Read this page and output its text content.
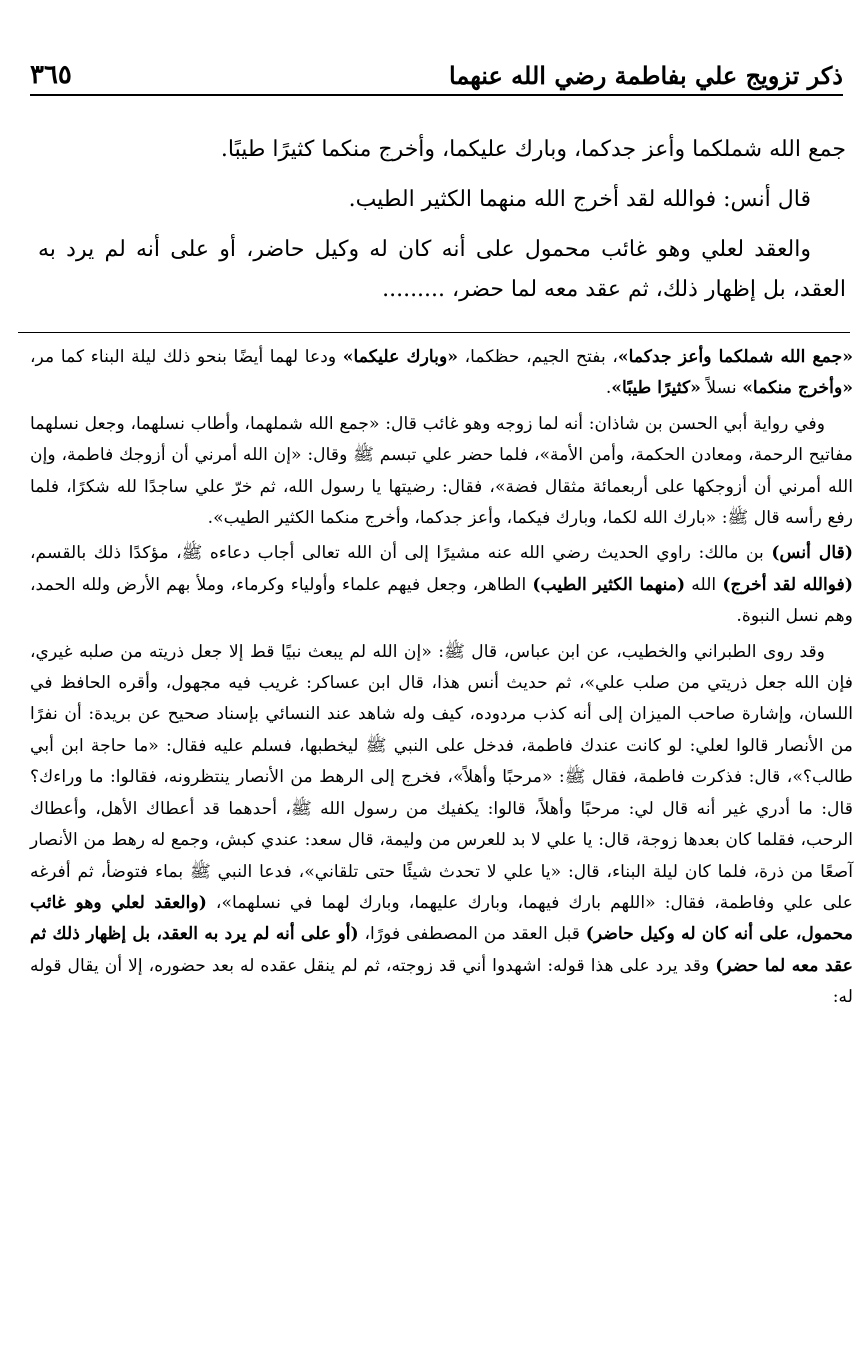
ذكر تزويج علي بفاطمة رضي الله عنهما
٣٦٥

جمع الله شملكما وأعز جدكما، وبارك عليكما، وأخرج منكما كثيرًا طيبًا.

قال أنس: فوالله لقد أخرج الله منهما الكثير الطيب.

والعقد لعلي وهو غائب محمول على أنه كان له وكيل حاضر، أو على أنه لم يرد به العقد، بل إظهار ذلك، ثم عقد معه لما حضر، .........

«جمع الله شملكما وأعز جدكما»، بفتح الجيم، حظكما، «وبارك عليكما» ودعا لهما أيضًا بنحو ذلك ليلة البناء كما مر، «وأخرج منكما» نسلاً «كثيرًا طيبًا».

وفي رواية أبي الحسن بن شاذان: أنه لما زوجه وهو غائب قال: «جمع الله شملهما، وأطاب نسلهما، وجعل نسلهما مفاتيح الرحمة، ومعادن الحكمة، وأمن الأمة»، فلما حضر علي تبسم ﷺ وقال: «إن الله أمرني أن أزوجك فاطمة، وإن الله أمرني أن أزوجكها على أربعمائة مثقال فضة»، فقال: رضيتها يا رسول الله، ثم خرّ علي ساجدًا لله شكرًا، فلما رفع رأسه قال ﷺ: «بارك الله لكما، وبارك فيكما، وأعز جدكما، وأخرج منكما الكثير الطيب».

(قال أنس) بن مالك: راوي الحديث رضي الله عنه مشيرًا إلى أن الله تعالى أجاب دعاءه ﷺ، مؤكدًا ذلك بالقسم، (فوالله لقد أخرج) الله (منهما الكثير الطيب) الطاهر، وجعل فيهم علماء وأولياء وكرماء، وملأ بهم الأرض ولله الحمد، وهم نسل النبوة.

وقد روى الطبراني والخطيب، عن ابن عباس، قال ﷺ: «إن الله لم يبعث نبيًا قط إلا جعل ذريته من صلبه غيري، فإن الله جعل ذريتي من صلب علي»، ثم حديث أنس هذا، قال ابن عساكر: غريب فيه مجهول، وأقره الحافظ في اللسان، وإشارة صاحب الميزان إلى أنه كذب مردوده، كيف وله شاهد عند النسائي بإسناد صحيح عن بريدة: أن نفرًا من الأنصار قالوا لعلي: لو كانت عندك فاطمة، فدخل على النبي ﷺ ليخطبها، فسلم عليه فقال: «ما حاجة ابن أبي طالب؟»، قال: فذكرت فاطمة، فقال ﷺ: «مرحبًا وأهلاً»، فخرج إلى الرهط من الأنصار ينتظرونه، فقالوا: ما وراءك؟ قال: ما أدري غير أنه قال لي: مرحبًا وأهلاً، قالوا: يكفيك من رسول الله ﷺ، أحدهما قد أعطاك الأهل، وأعطاك الرحب، فقلما كان بعدها زوجة، قال: يا علي لا بد للعرس من وليمة، قال سعد: عندي كبش، وجمع له رهط من الأنصار آصعًا من ذرة، فلما كان ليلة البناء، قال: «يا علي لا تحدث شيئًا حتى تلقاني»، فدعا النبي ﷺ بماء فتوضأ، ثم أفرغه على علي وفاطمة، فقال: «اللهم بارك فيهما، وبارك عليهما، وبارك لهما في نسلهما»، (والعقد لعلي وهو غائب محمول، على أنه كان له وكيل حاضر) قبل العقد من المصطفى فورًا، (أو على أنه لم يرد به العقد، بل إظهار ذلك ثم عقد معه لما حضر) وقد يرد على هذا قوله: اشهدوا أني قد زوجته، ثم لم ينقل عقده له بعد حضوره، إلا أن يقال قوله له:
